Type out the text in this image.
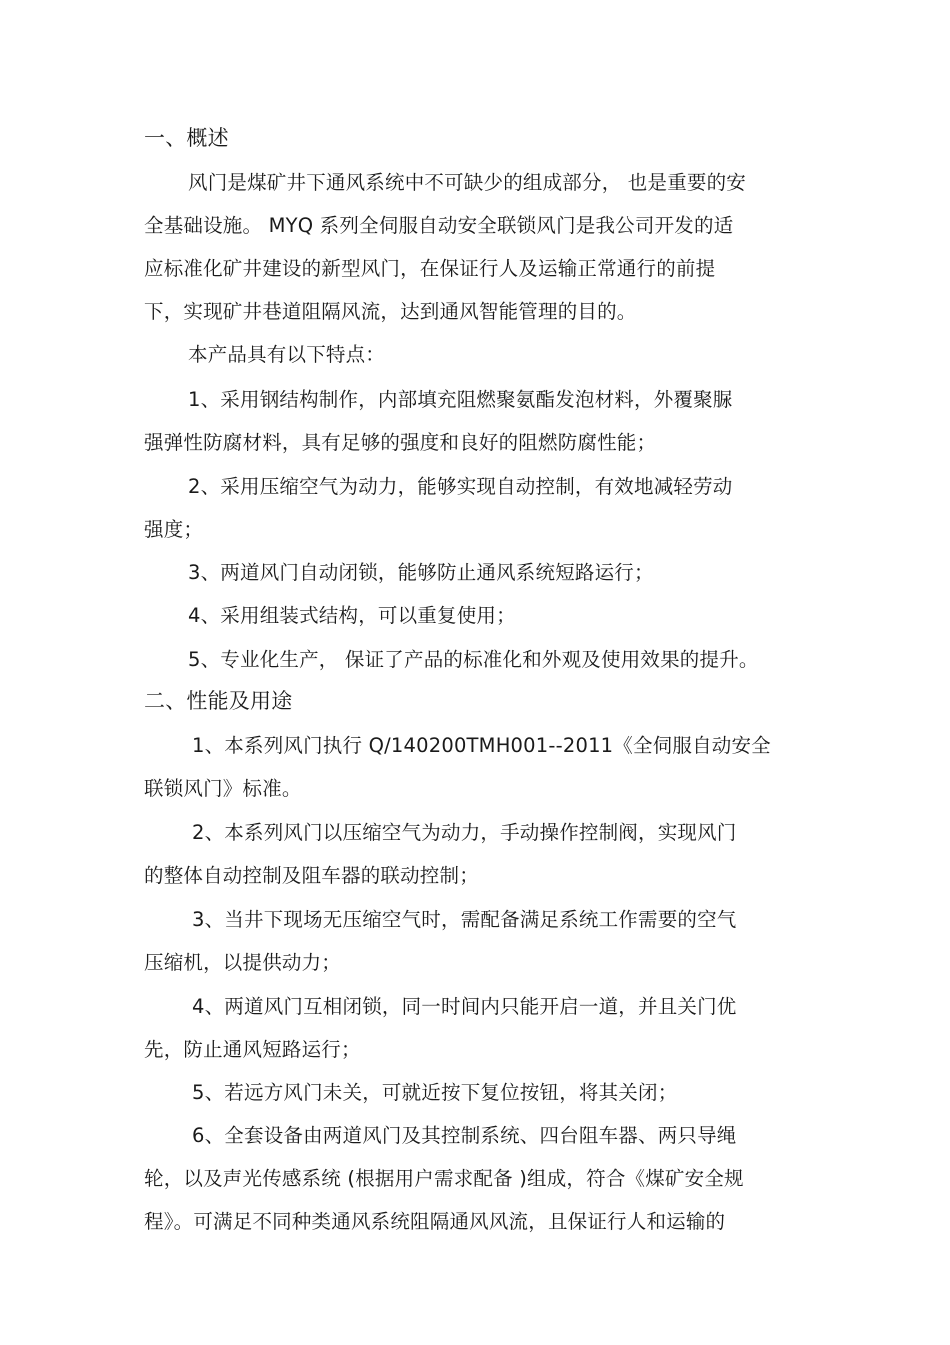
一、概述

风门是煤矿井下通风系统中不可缺少的组成部分， 也是重要的安

全基础设施。 MYQ 系列全伺服自动安全联锁风门是我公司开发的适

应标准化矿井建设的新型风门，在保证行人及运输正常通行的前提

下，实现矿井巷道阻隔风流，达到通风智能管理的目的。

本产品具有以下特点：

1、采用钢结构制作，内部填充阻燃聚氨酯发泡材料，外覆聚脲

强弹性防腐材料，具有足够的强度和良好的阻燃防腐性能；

2、采用压缩空气为动力，能够实现自动控制，有效地减轻劳动

强度；

3、两道风门自动闭锁，能够防止通风系统短路运行；

4、采用组装式结构，可以重复使用；

5、专业化生产， 保证了产品的标准化和外观及使用效果的提升。

二、性能及用途

1、本系列风门执行 Q/140200TMH001--2011《全伺服自动安全

联锁风门》标准。

2、本系列风门以压缩空气为动力，手动操作控制阀，实现风门

的整体自动控制及阻车器的联动控制；

3、当井下现场无压缩空气时，需配备满足系统工作需要的空气

压缩机，以提供动力；

4、两道风门互相闭锁，同一时间内只能开启一道，并且关门优

先，防止通风短路运行；

5、若远方风门未关，可就近按下复位按钮，将其关闭；

6、全套设备由两道风门及其控制系统、四台阻车器、两只导绳

轮，以及声光传感系统 (根据用户需求配备 )组成，符合《煤矿安全规

程》。可满足不同种类通风系统阻隔通风风流，且保证行人和运输的
